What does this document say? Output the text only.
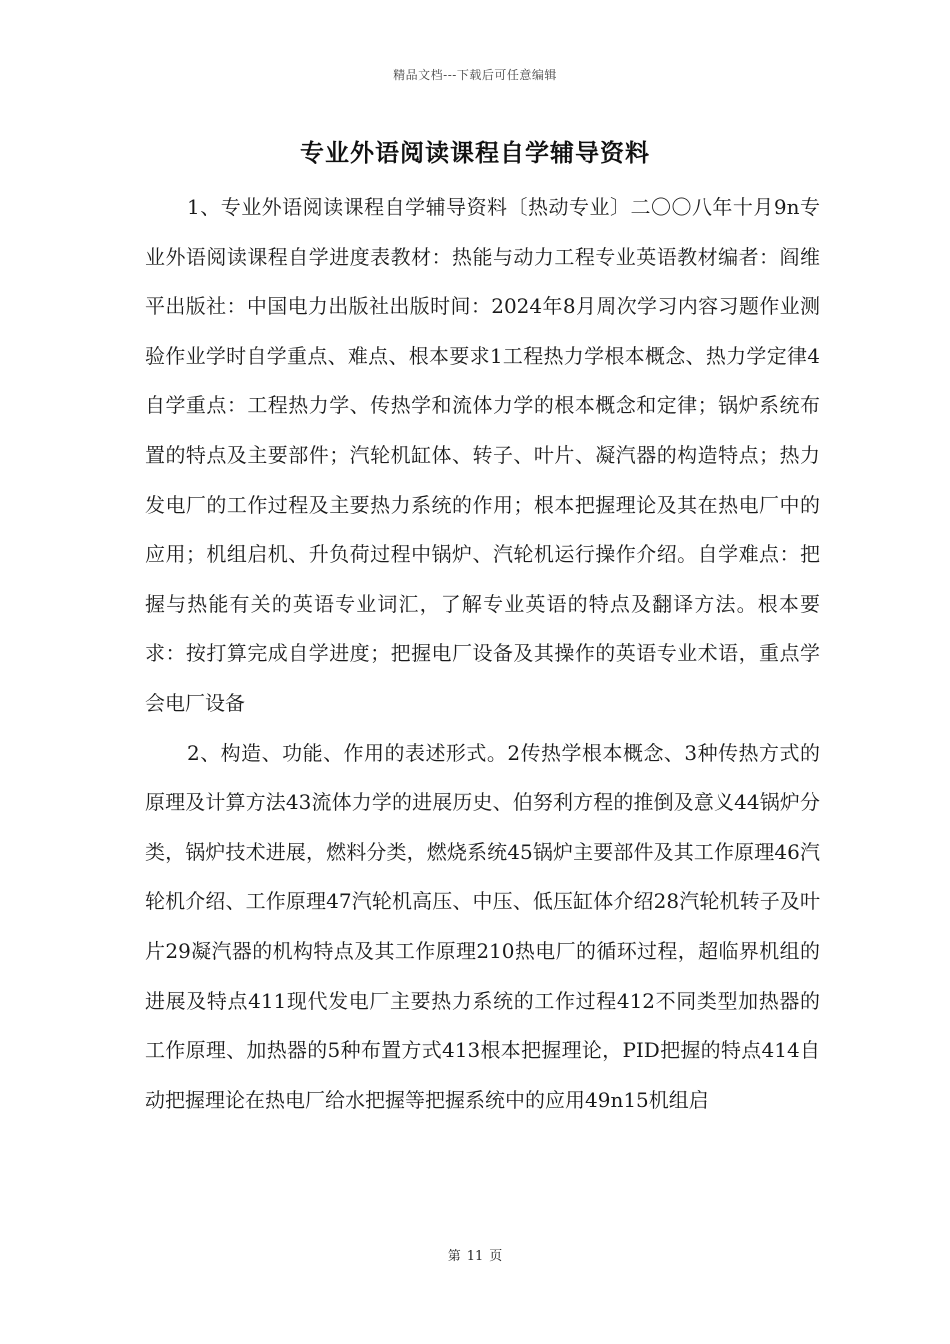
精品文档---下载后可任意编辑
专业外语阅读课程自学辅导资料

1、专业外语阅读课程自学辅导资料〔热动专业〕二〇〇八年十月9n专业外语阅读课程自学进度表教材：热能与动力工程专业英语教材编者：阎维平出版社：中国电力出版社出版时间：2024年8月周次学习内容习题作业测验作业学时自学重点、难点、根本要求1工程热力学根本概念、热力学定律4自学重点：工程热力学、传热学和流体力学的根本概念和定律；锅炉系统布置的特点及主要部件；汽轮机缸体、转子、叶片、凝汽器的构造特点；热力发电厂的工作过程及主要热力系统的作用；根本把握理论及其在热电厂中的应用；机组启机、升负荷过程中锅炉、汽轮机运行操作介绍。自学难点：把握与热能有关的英语专业词汇，了解专业英语的特点及翻译方法。根本要求：按打算完成自学进度；把握电厂设备及其操作的英语专业术语，重点学会电厂设备

2、构造、功能、作用的表述形式。2传热学根本概念、3种传热方式的原理及计算方法43流体力学的进展历史、伯努利方程的推倒及意义44锅炉分类，锅炉技术进展，燃料分类，燃烧系统45锅炉主要部件及其工作原理46汽轮机介绍、工作原理47汽轮机高压、中压、低压缸体介绍28汽轮机转子及叶片29凝汽器的机构特点及其工作原理210热电厂的循环过程，超临界机组的进展及特点411现代发电厂主要热力系统的工作过程412不同类型加热器的工作原理、加热器的5种布置方式413根本把握理论，PID把握的特点414自动把握理论在热电厂给水把握等把握系统中的应用49n15机组启

第 11 页
